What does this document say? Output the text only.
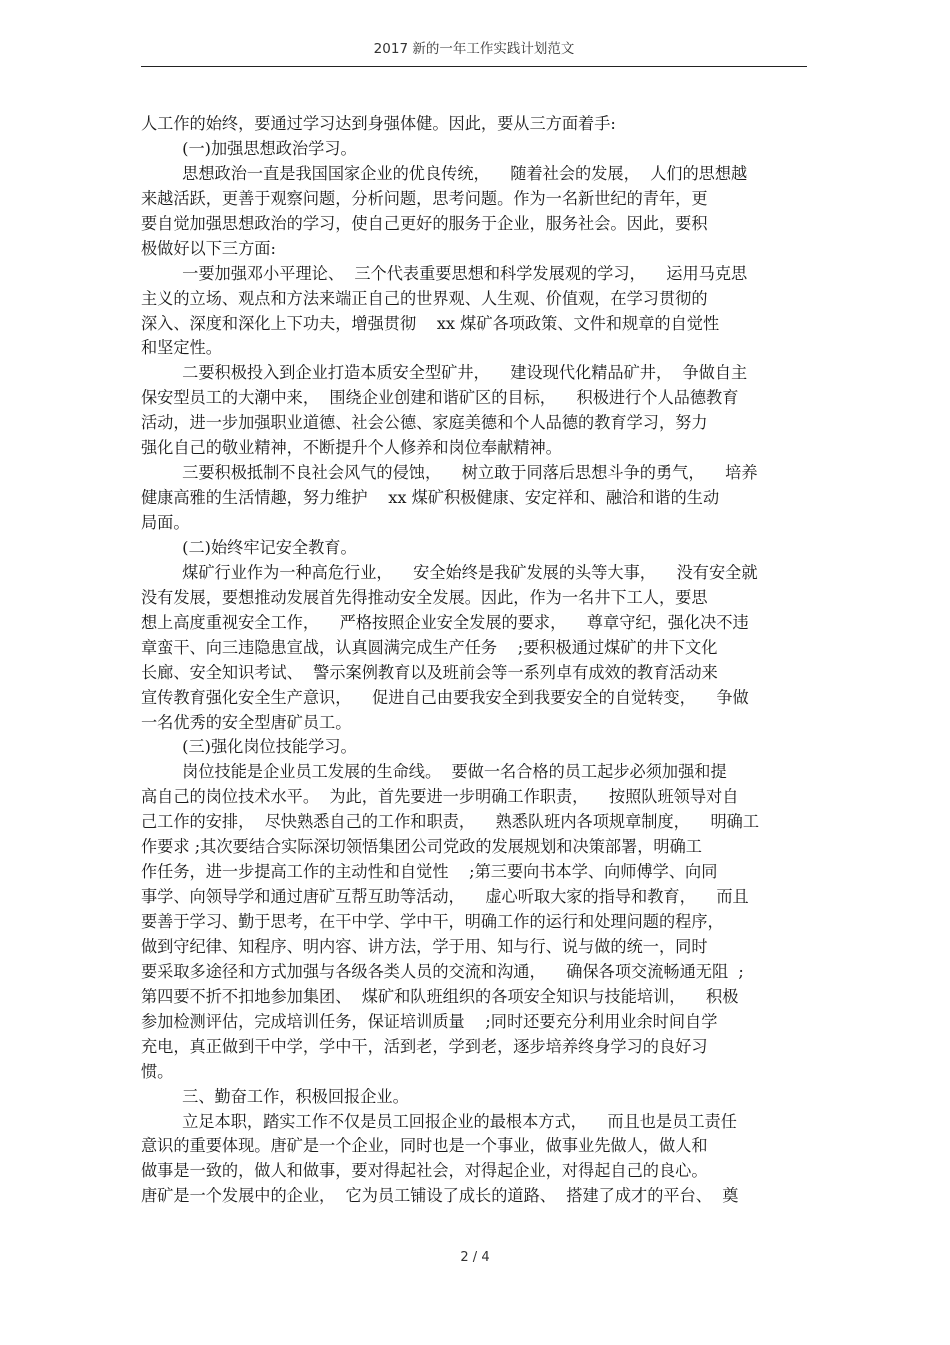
2017 新的一年工作实践计划范文
人工作的始终，要通过学习达到身强体健。因此，要从三方面着手:
(一)加强思想政治学习。
思想政治一直是我国国家企业的优良传统，    随着社会的发展，  人们的思想越
来越活跃，更善于观察问题，分析问题，思考问题。作为一名新世纪的青年，更
要自觉加强思想政治的学习，使自己更好的服务于企业，服务社会。因此，要积
极做好以下三方面:
一要加强邓小平理论、  三个代表重要思想和科学发展观的学习，    运用马克思
主义的立场、观点和方法来端正自己的世界观、人生观、价值观，在学习贯彻的
深入、深度和深化上下功夫，增强贯彻    xx 煤矿各项政策、文件和规章的自觉性
和坚定性。
二要积极投入到企业打造本质安全型矿井，    建设现代化精品矿井，  争做自主
保安型员工的大潮中来，  围绕企业创建和谐矿区的目标，    积极进行个人品德教育
活动，进一步加强职业道德、社会公德、家庭美德和个人品德的教育学习，努力
强化自己的敬业精神，不断提升个人修养和岗位奉献精神。
三要积极抵制不良社会风气的侵蚀，    树立敢于同落后思想斗争的勇气，    培养
健康高雅的生活情趣，努力维护    xx 煤矿积极健康、安定祥和、融洽和谐的生动
局面。
(二)始终牢记安全教育。
煤矿行业作为一种高危行业，    安全始终是我矿发展的头等大事，    没有安全就
没有发展，要想推动发展首先得推动安全发展。因此，作为一名井下工人，要思
想上高度重视安全工作，    严格按照企业安全发展的要求，    尊章守纪，强化决不违
章蛮干、向三违隐患宣战，认真圆满完成生产任务    ;要积极通过煤矿的井下文化
长廊、安全知识考试、  警示案例教育以及班前会等一系列卓有成效的教育活动来
宣传教育强化安全生产意识，    促进自己由要我安全到我要安全的自觉转变，    争做
一名优秀的安全型唐矿员工。
(三)强化岗位技能学习。
岗位技能是企业员工发展的生命线。  要做一名合格的员工起步必须加强和提
高自己的岗位技术水平。  为此，首先要进一步明确工作职责，    按照队班领导对自
己工作的安排，  尽快熟悉自己的工作和职责，    熟悉队班内各项规章制度，    明确工
作要求 ;其次要结合实际深切领悟集团公司党政的发展规划和决策部署，明确工
作任务，进一步提高工作的主动性和自觉性    ;第三要向书本学、向师傅学、向同
事学、向领导学和通过唐矿互帮互助等活动，    虚心听取大家的指导和教育，    而且
要善于学习、勤于思考，在干中学、学中干，明确工作的运行和处理问题的程序，
做到守纪律、知程序、明内容、讲方法，学于用、知与行、说与做的统一，同时
要采取多途径和方式加强与各级各类人员的交流和沟通，    确保各项交流畅通无阻  ;
第四要不折不扣地参加集团、  煤矿和队班组织的各项安全知识与技能培训，    积极
参加检测评估，完成培训任务，保证培训质量    ;同时还要充分利用业余时间自学
充电，真正做到干中学，学中干，活到老，学到老，逐步培养终身学习的良好习
惯。
三、勤奋工作，积极回报企业。
立足本职，踏实工作不仅是员工回报企业的最根本方式，    而且也是员工责任
意识的重要体现。唐矿是一个企业，同时也是一个事业，做事业先做人，做人和
做事是一致的，做人和做事，要对得起社会，对得起企业，对得起自己的良心。
唐矿是一个发展中的企业，  它为员工铺设了成长的道路、  搭建了成才的平台、  奠
2 / 4
